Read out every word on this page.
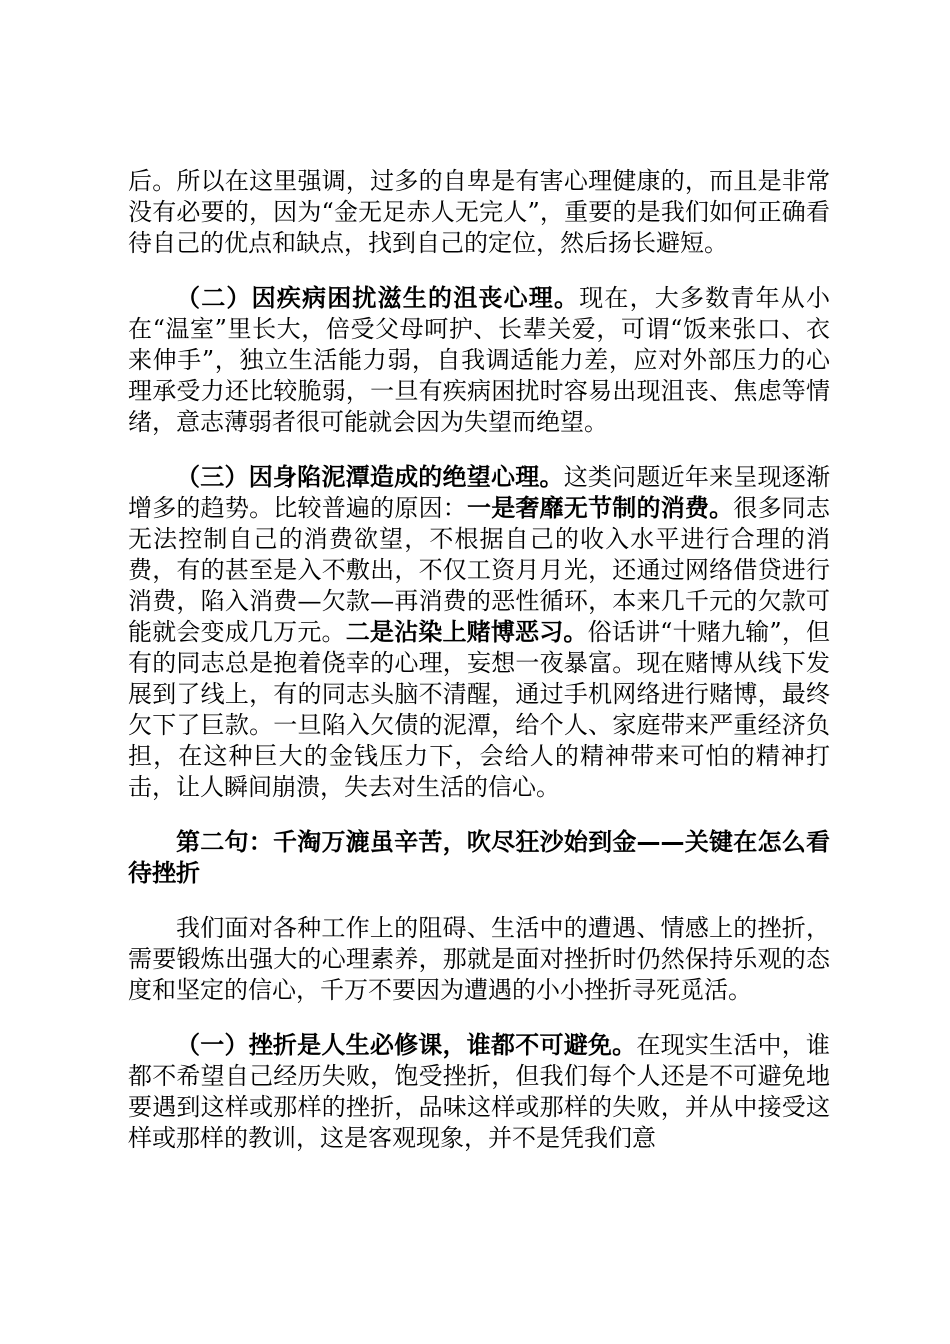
后。所以在这里强调，过多的自卑是有害心理健康的，而且是非常没有必要的，因为“金无足赤人无完人”，重要的是我们如何正确看待自己的优点和缺点，找到自己的定位，然后扬长避短。

（二）因疾病困扰滋生的沮丧心理。现在，大多数青年从小在“温室”里长大，倍受父母呵护、长辈关爱，可谓“饭来张口、衣来伸手”，独立生活能力弱，自我调适能力差，应对外部压力的心理承受力还比较脆弱，一旦有疾病困扰时容易出现沮丧、焦虑等情绪，意志薄弱者很可能就会因为失望而绝望。

（三）因身陷泥潭造成的绝望心理。这类问题近年来呈现逐渐增多的趋势。比较普遍的原因：一是奢靡无节制的消费。很多同志无法控制自己的消费欲望，不根据自己的收入水平进行合理的消费，有的甚至是入不敷出，不仅工资月月光，还通过网络借贷进行消费，陷入消费—欠款—再消费的恶性循环，本来几千元的欠款可能就会变成几万元。二是沾染上赌博恶习。俗话讲“十赌九输”，但有的同志总是抱着侥幸的心理，妄想一夜暴富。现在赌博从线下发展到了线上，有的同志头脑不清醒，通过手机网络进行赌博，最终欠下了巨款。一旦陷入欠债的泥潭，给个人、家庭带来严重经济负担，在这种巨大的金钱压力下，会给人的精神带来可怕的精神打击，让人瞬间崩溃，失去对生活的信心。

第二句：千淘万漉虽辛苦，吹尽狂沙始到金——关键在怎么看待挫折

我们面对各种工作上的阻碍、生活中的遭遇、情感上的挫折，需要锻炼出强大的心理素养，那就是面对挫折时仍然保持乐观的态度和坚定的信心，千万不要因为遭遇的小小挫折寻死觅活。

（一）挫折是人生必修课，谁都不可避免。在现实生活中，谁都不希望自己经历失败，饱受挫折，但我们每个人还是不可避免地要遇到这样或那样的挫折，品味这样或那样的失败，并从中接受这样或那样的教训，这是客观现象，并不是凭我们意
